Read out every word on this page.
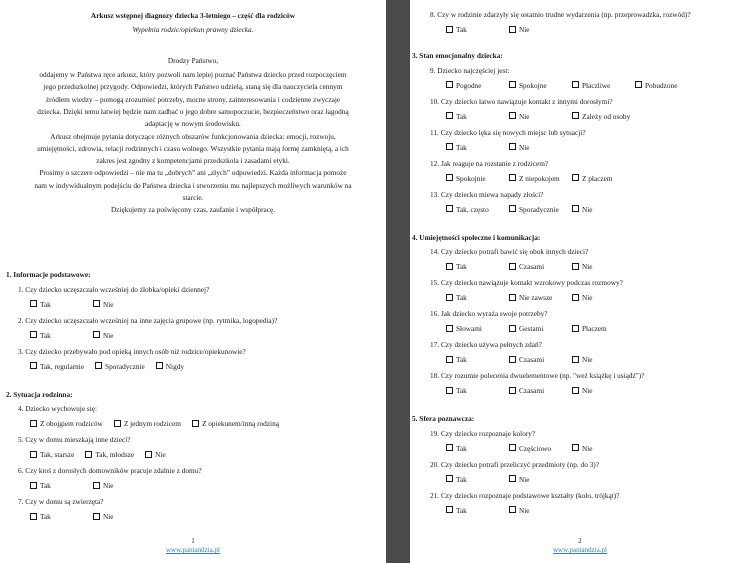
Arkusz wstępnej diagnozy dziecka 3-letniego – część dla rodziców
Wypełnia rodzic/opiekun prawny dziecka.
Drodzy Państwo,
oddajemy w Państwa ręce arkusz, który pozwoli nam lepiej poznać Państwa dziecko przed rozpoczęciem
jego przedszkolnej przygody. Odpowiedzi, których Państwo udzielą, staną się dla nauczyciela cennym
źródłem wiedzy – pomogą zrozumieć potrzeby, mocne strony, zainteresowania i codzienne zwyczaje
dziecka. Dzięki temu łatwiej będzie nam zadbać o jego dobre samopoczucie, bezpieczeństwo oraz łagodną
adaptację w nowym środowisku.
Arkusz obejmuje pytania dotyczące różnych obszarów funkcjonowania dziecka: emocji, rozwoju,
umiejętności, zdrowia, relacji rodzinnych i czasu wolnego. Wszystkie pytania mają formę zamkniętą, a ich
zakres jest zgodny z kompetencjami przedszkola i zasadami etyki.
Prosimy o szczere odpowiedzi – nie ma tu „dobrych” ani „złych” odpowiedzi. Każda informacja pomoże
nam w indywidualnym podejściu do Państwa dziecka i stworzeniu mu najlepszych możliwych warunków na
starcie.
Dziękujemy za poświęcony czas, zaufanie i współpracę.
1. Informacje podstawowe:
1. Czy dziecko uczęszczało wcześniej do żłobka/opieki dziennej?
Tak	Nie
2. Czy dziecko uczęszczało wcześniej na inne zajęcia grupowe (np. rytmika, logopedia)?
Tak	Nie
3. Czy dziecko przebywało pod opieką innych osób niż rodzice/opiekunowie?
Tak, regularnie	Sporadycznie	Nigdy
2. Sytuacja rodzinna:
4. Dziecko wychowuje się:
Z obojgiem rodziców	Z jednym rodzicem	Z opiekunem/inną rodziną
5. Czy w domu mieszkają inne dzieci?
Tak, starsze	Tak, młodsze	Nie
6. Czy ktoś z dorosłych domowników pracuje zdalnie z domu?
Tak	Nie
7. Czy w domu są zwierzęta?
Tak	Nie
1
www.paniandzia.pl
8. Czy w rodzinie zdarzyły się ostatnio trudne wydarzenia (np. przeprowadzka, rozwód)?
Tak	Nie
3. Stan emocjonalny dziecka:
9. Dziecko najczęściej jest:
Pogodne	Spokojne	Płaczliwe	Pobudzone
10. Czy dziecko łatwo nawiązuje kontakt z innymi dorosłymi?
Tak	Nie	Zależy od osoby
11. Czy dziecko lęka się nowych miejsc lub sytuacji?
Tak	Nie
12. Jak reaguje na rozstanie z rodzicem?
Spokojnie	Z niepokojem	Z płaczem
13. Czy dziecko miewa napady złości?
Tak, często	Sporadycznie	Nie
4. Umiejętności społeczne i komunikacja:
14. Czy dziecko potrafi bawić się obok innych dzieci?
Tak	Czasami	Nie
15. Czy dziecko nawiązuje kontakt wzrokowy podczas rozmowy?
Tak	Nie zawsze	Nie
16. Jak dziecko wyraża swoje potrzeby?
Słowami	Gestami	Płaczem
17. Czy dziecko używa pełnych zdań?
Tak	Czasami	Nie
18. Czy rozumie polecenia dwuelementowe (np. "weź książkę i usiądź")?
Tak	Czasami	Nie
5. Sfera poznawcza:
19. Czy dziecko rozpoznaje kolory?
Tak	Częściowo	Nie
20. Czy dziecko potrafi przeliczyć przedmioty (np. do 3)?
Tak	Nie
21. Czy dziecko rozpoznaje podstawowe kształty (koło, trójkąt)?
Tak	Nie
2
www.paniandzia.pl
